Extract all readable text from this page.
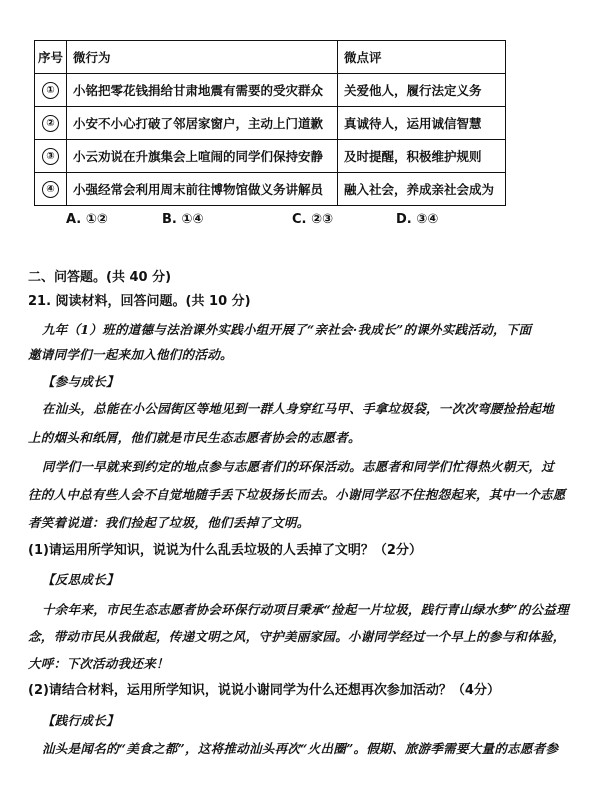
序号	微行为	微点评
①	小铭把零花钱捐给甘肃地震有需要的受灾群众	关爱他人，履行法定义务
②	小安不小心打破了邻居家窗户，主动上门道歉	真诚待人，运用诚信智慧
③	小云劝说在升旗集会上喧闹的同学们保持安静	及时提醒，积极维护规则
④	小强经常会利用周末前往博物馆做义务讲解员	融入社会，养成亲社会成为
A. ①②	B. ①④	C. ②③	D. ③④
二、问答题。(共 40 分)
21. 阅读材料，回答问题。(共 10 分)
九年（1）班的道德与法治课外实践小组开展了“亲社会·我成长”的课外实践活动，下面
邀请同学们一起来加入他们的活动。
【参与成长】
在汕头，总能在小公园街区等地见到一群人身穿红马甲、手拿垃圾袋，一次次弯腰捡拾起地
上的烟头和纸屑，他们就是市民生态志愿者协会的志愿者。
同学们一早就来到约定的地点参与志愿者们的环保活动。志愿者和同学们忙得热火朝天，过
往的人中总有些人会不自觉地随手丢下垃圾扬长而去。小谢同学忍不住抱怨起来，其中一个志愿
者笑着说道：我们捡起了垃圾，他们丢掉了文明。
(1)请运用所学知识，说说为什么乱丢垃圾的人丢掉了文明？（2分）
【反思成长】
十余年来，市民生态志愿者协会环保行动项目秉承“捡起一片垃圾，践行青山绿水梦”的公益理
念，带动市民从我做起，传递文明之风，守护美丽家园。小谢同学经过一个早上的参与和体验，
大呼：下次活动我还来！
(2)请结合材料，运用所学知识，说说小谢同学为什么还想再次参加活动？（4分）
【践行成长】
汕头是闻名的“美食之都”，这将推动汕头再次“火出圈”。假期、旅游季需要大量的志愿者参
